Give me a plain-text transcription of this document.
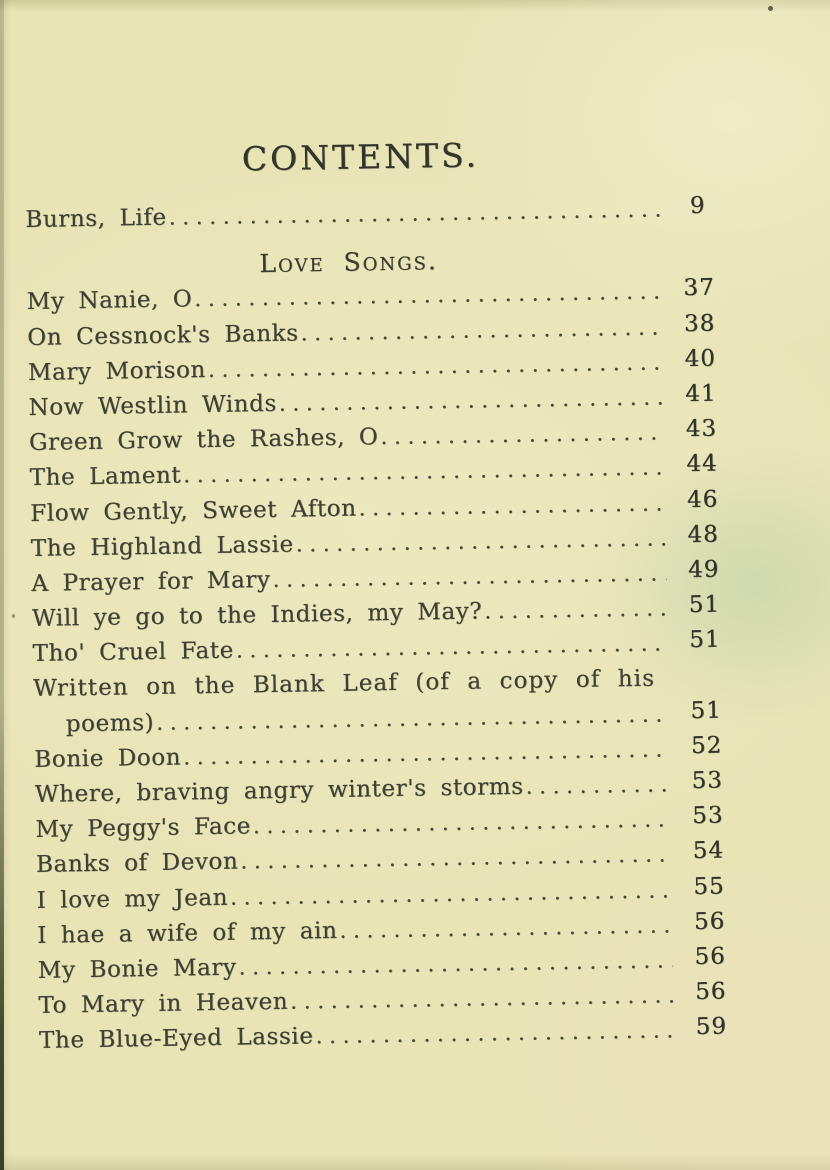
CONTENTS.
Burns, Life .....	9
Love Songs.
My Nanie, O .....	37
On Cessnock's Banks .....	38
Mary Morison .....	40
Now Westlin Winds .....	41
Green Grow the Rashes, O .....	43
The Lament .....	44
Flow Gently, Sweet Afton .....	46
The Highland Lassie .....	48
A Prayer for Mary .....	49
Will ye go to the Indies, my May? .....	51
Tho' Cruel Fate .....	51
Written on the Blank Leaf (of a copy of his
poems) .....	51
Bonie Doon .....	52
Where, braving angry winter's storms .....	53
My Peggy's Face .....	53
Banks of Devon .....	54
I love my Jean .....	55
I hae a wife of my ain .....	56
My Bonie Mary .....	56
To Mary in Heaven .....	56
The Blue-Eyed Lassie .....	59
